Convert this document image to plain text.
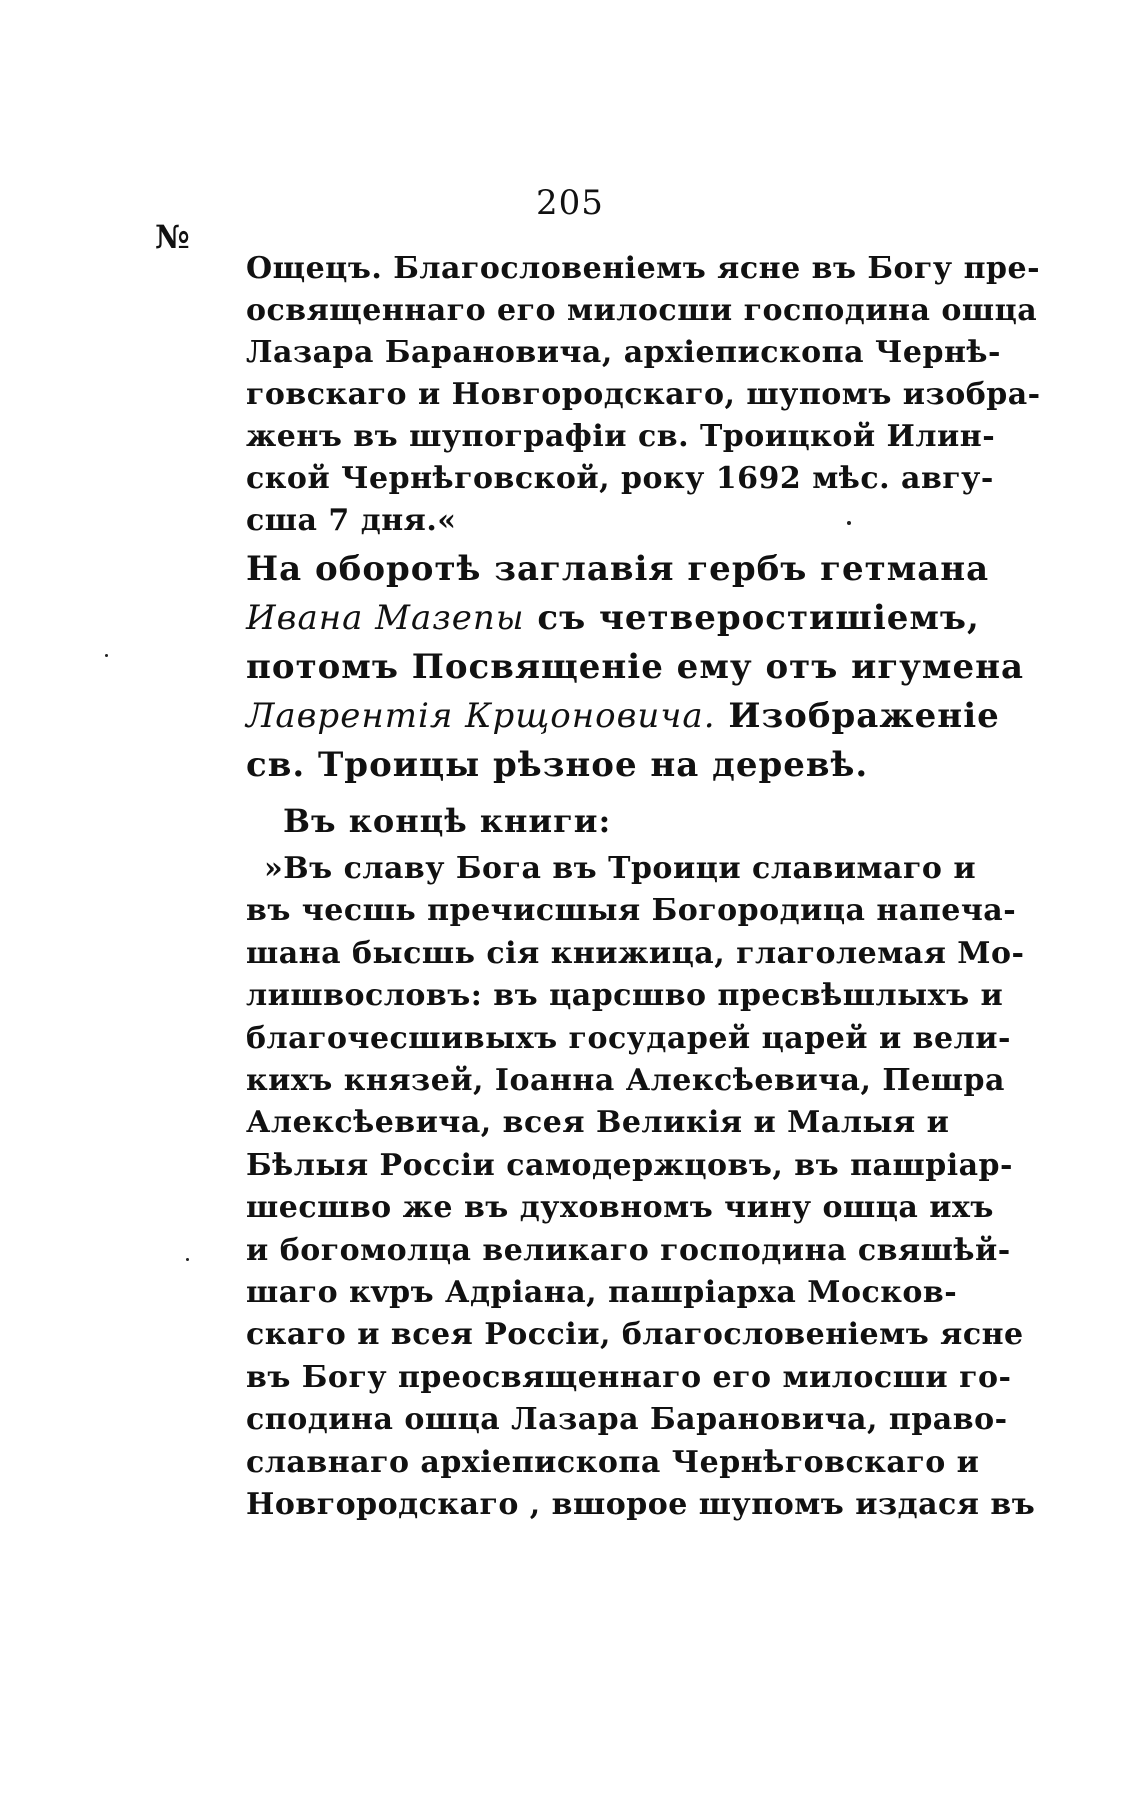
205
№
Ощецъ. Благословеніемъ ясне въ Богу пре-
освященнаго его милосши господина ошца
Лазара Барановича, архіепископа Чернѣ-
говскаго и Новгородскаго, шупомъ изобра-
женъ въ шупографіи св. Троицкой Илин-
ской Чернѣговской, року 1692 мѣс. авгу-
сша 7 дня.«
На оборотѣ заглавія гербъ гетмана
Ивана Мазепы съ четверостишіемъ,
потомъ Посвященіе ему отъ игумена
Лаврентія Крщоновича. Изображеніе
св. Троицы рѣзное на деревѣ.
Въ концѣ книги:
»Въ славу Бога въ Троици славимаго и
въ чесшь пречисшыя Богородица напеча-
шана бысшь сія книжица, глаголемая Мо-
лишвословъ: въ царсшво пресвѣшлыхъ и
благочесшивыхъ государей царей и вели-
кихъ князей, Іоанна Алексѣевича, Пешра
Алексѣевича, всея Великія и Малыя и
Бѣлыя Россіи самодержцовъ, въ пашріар-
шесшво же въ духовномъ чину ошца ихъ
и богомолца великаго господина свяшѣй-
шаго кvръ Адріана, пашріарха Москов-
скаго и всея Россіи, благословеніемъ ясне
въ Богу преосвященнаго его милосши го-
сподина ошца Лазара Барановича, право-
славнаго архіепископа Чернѣговскаго и
Новгородскаго , вшорое шупомъ издася въ
